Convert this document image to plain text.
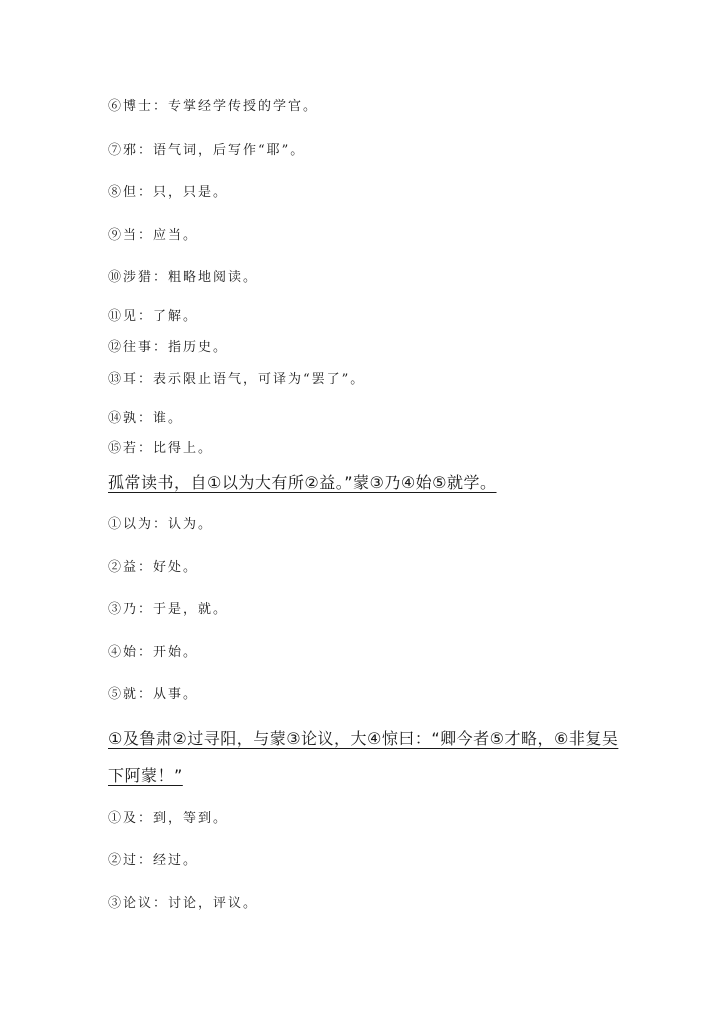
⑥博士：专掌经学传授的学官。
⑦邪：语气词，后写作“耶”。
⑧但：只，只是。
⑨当：应当。
⑩涉猎：粗略地阅读。
⑪见：了解。
⑫往事：指历史。
⑬耳：表示限止语气，可译为“罢了”。
⑭孰：谁。
⑮若：比得上。
孤常读书，自①以为大有所②益。”蒙③乃④始⑤就学。
①以为：认为。
②益：好处。
③乃：于是，就。
④始：开始。
⑤就：从事。
①及鲁肃②过寻阳，与蒙③论议，大④惊曰：“卿今者⑤才略，⑥非复吴
下阿蒙！”
①及：到，等到。
②过：经过。
③论议：讨论，评议。
